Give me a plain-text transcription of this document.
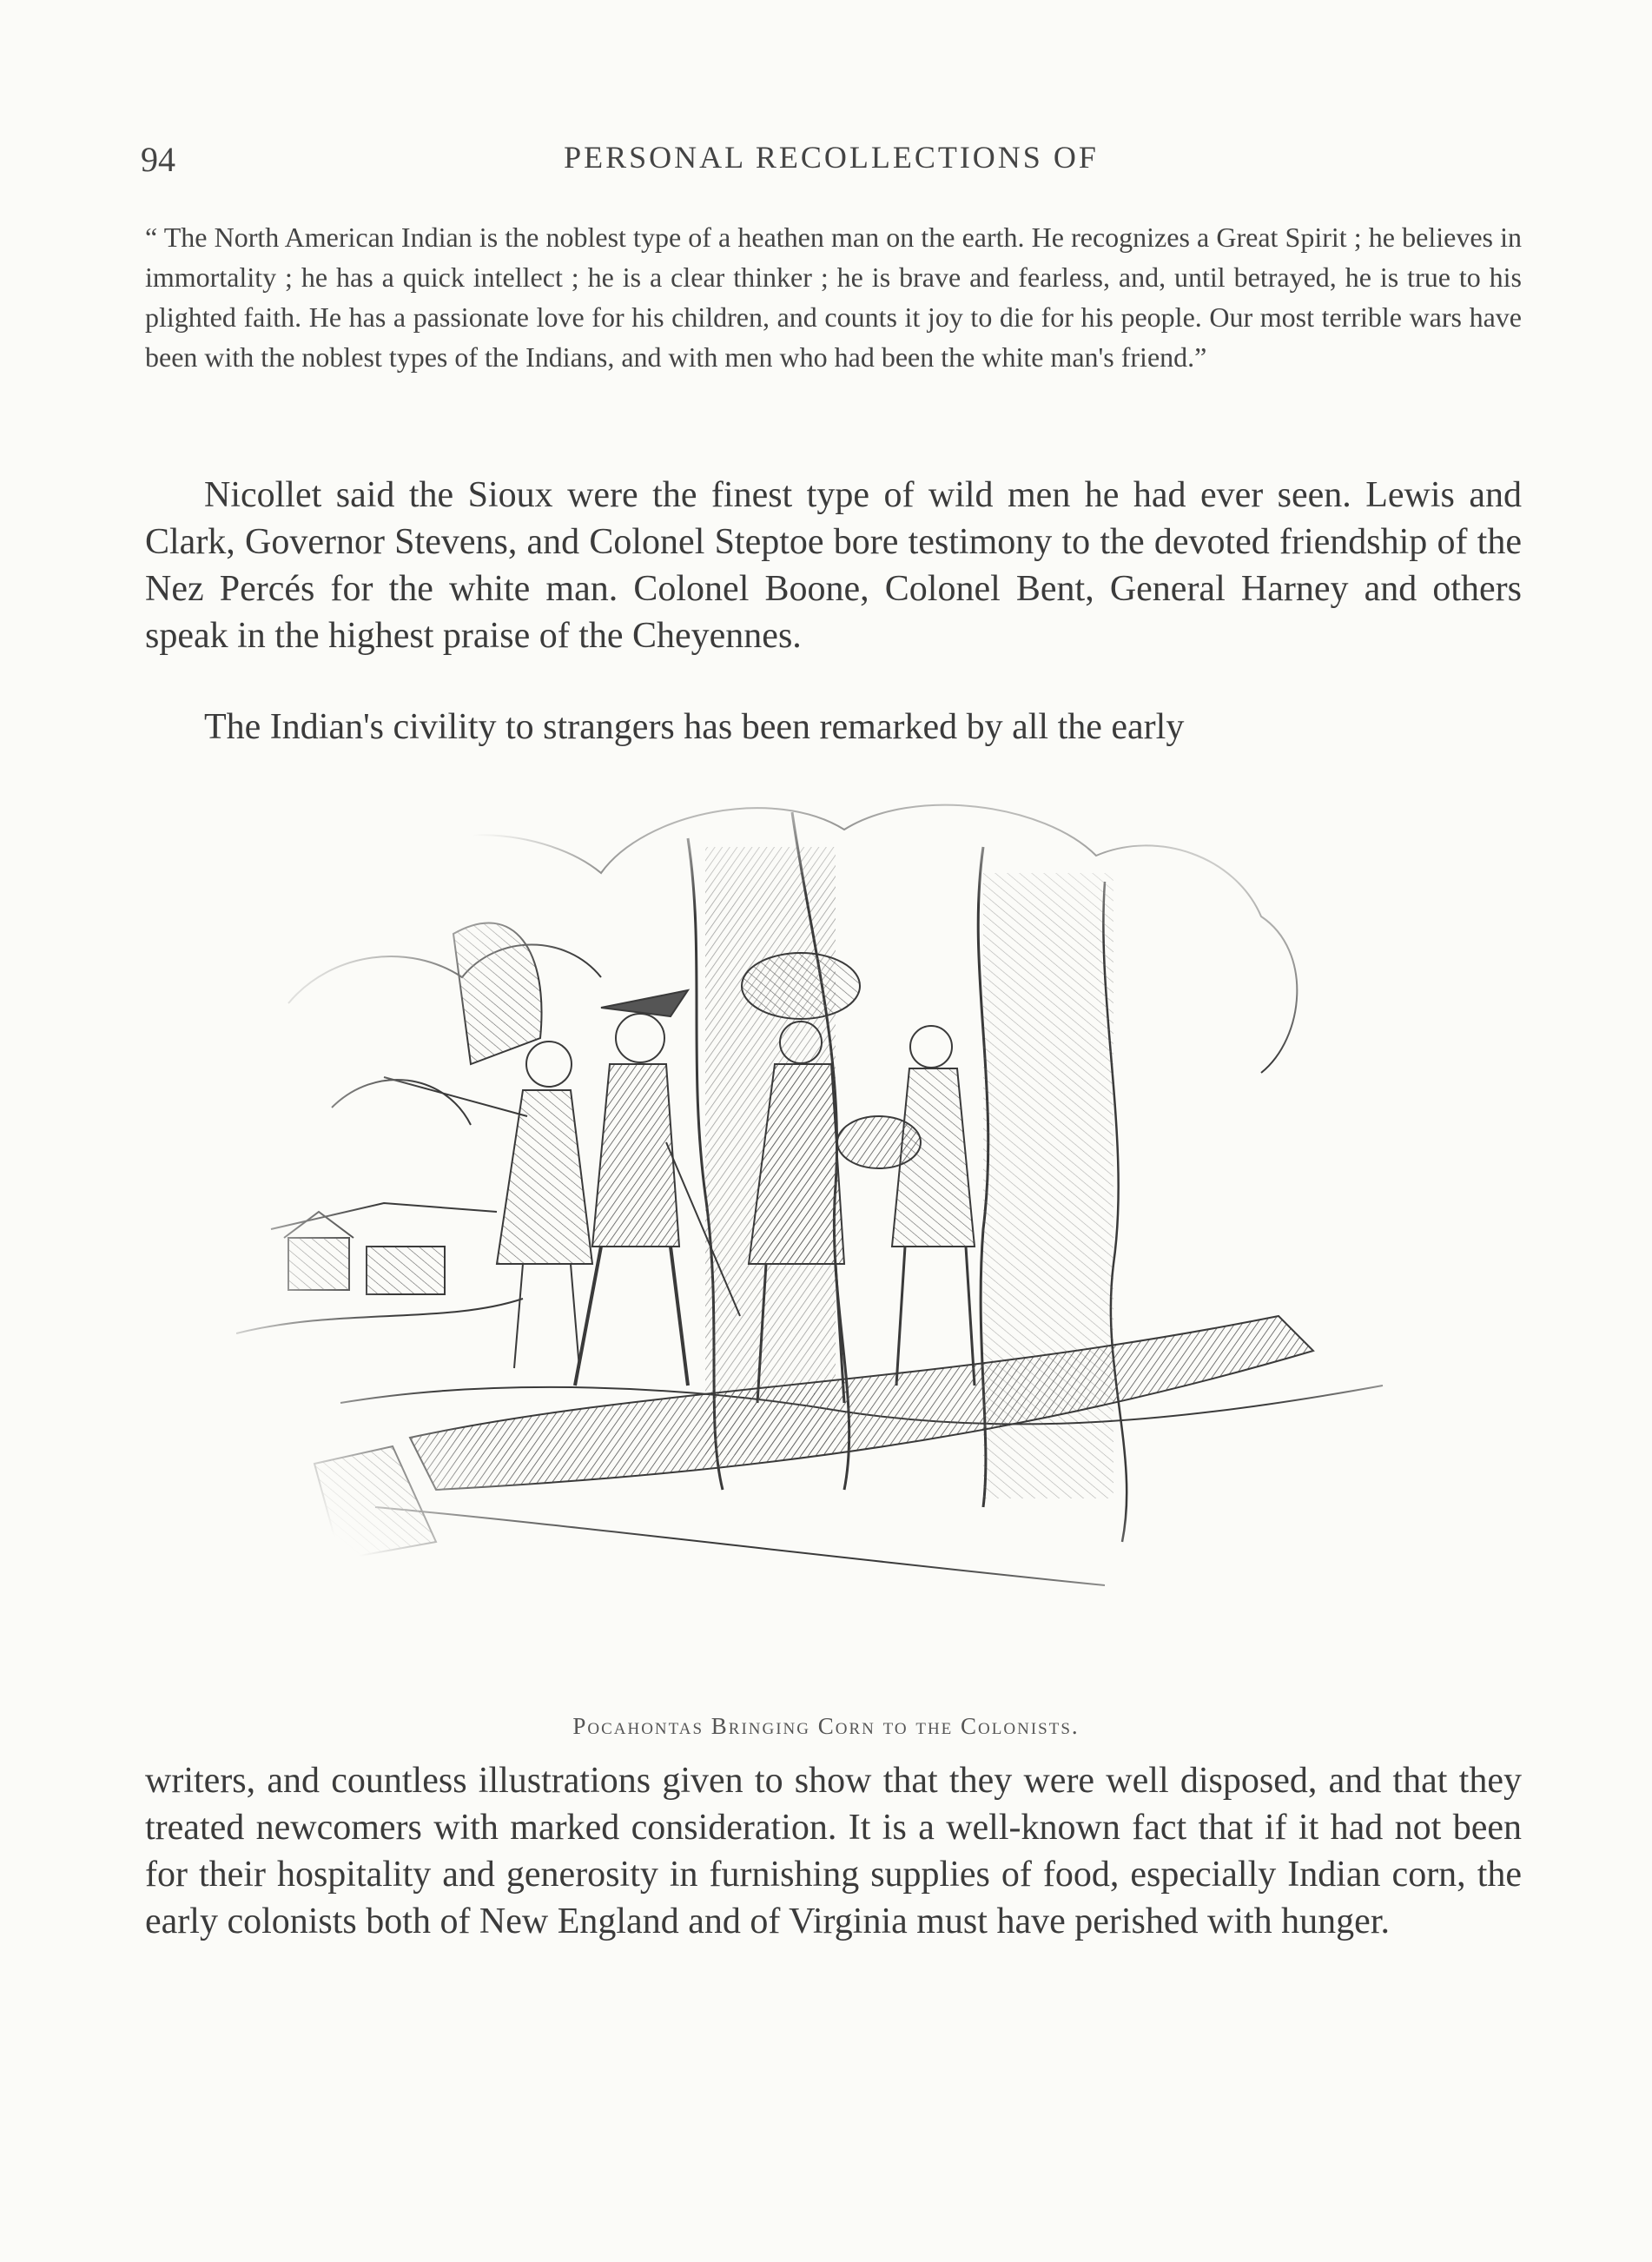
94	PERSONAL RECOLLECTIONS OF
“ The North American Indian is the noblest type of a heathen man on the earth. He recognizes a Great Spirit ; he believes in immortality ; he has a quick intellect ; he is a clear thinker ; he is brave and fearless, and, until betrayed, he is true to his plighted faith. He has a passionate love for his children, and counts it joy to die for his people. Our most terrible wars have been with the noblest types of the Indians, and with men who had been the white man's friend.”

Nicollet said the Sioux were the finest type of wild men he had ever seen. Lewis and Clark, Governor Stevens, and Colonel Steptoe bore testimony to the devoted friendship of the Nez Percés for the white man. Colonel Boone, Colonel Bent, General Harney and others speak in the highest praise of the Cheyennes.

The Indian's civility to strangers has been remarked by all the early

Pocahontas Bringing Corn to the Colonists.

writers, and countless illustrations given to show that they were well disposed, and that they treated newcomers with marked consideration. It is a well-known fact that if it had not been for their hospitality and generosity in furnishing supplies of food, especially Indian corn, the early colonists both of New England and of Virginia must have perished with hunger.
